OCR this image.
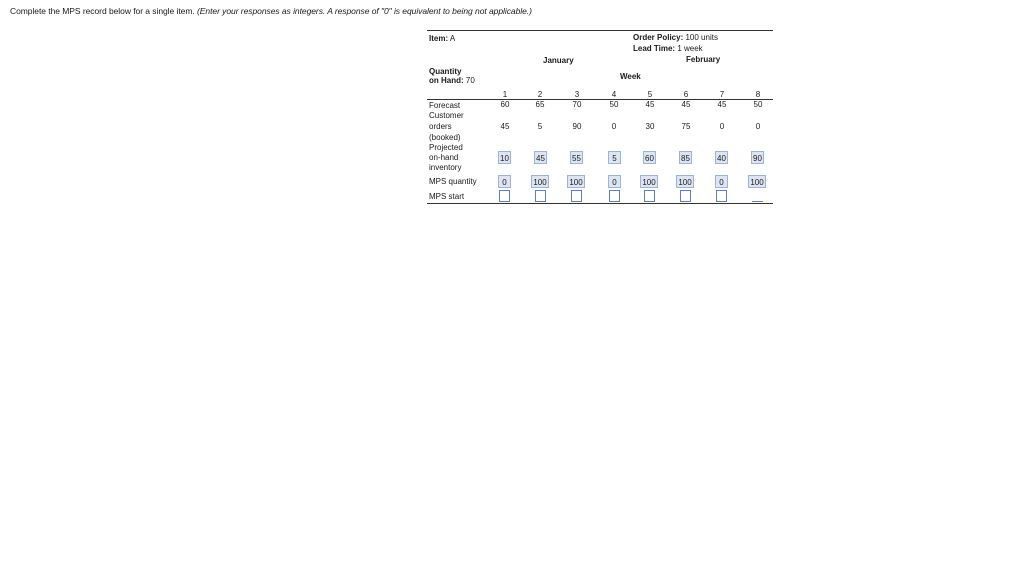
Complete the MPS record below for a single item. (Enter your responses as integers. A response of "0" is equivalent to being not applicable.)
Item: A	Order Policy: 100 units
Lead Time: 1 week
January	February
Week
Quantity
on Hand: 70
1	2	3	4	5	6	7	8
Forecast	60	65	70	50	45	45	45	50
Customer
orders
(booked)
45	5	90	0	30	75	0	0
Projected
on-hand
inventory
10	45	55	5	60	85	40	90
MPS quantity	0	100	100	0	100	100	0	100
MPS start
